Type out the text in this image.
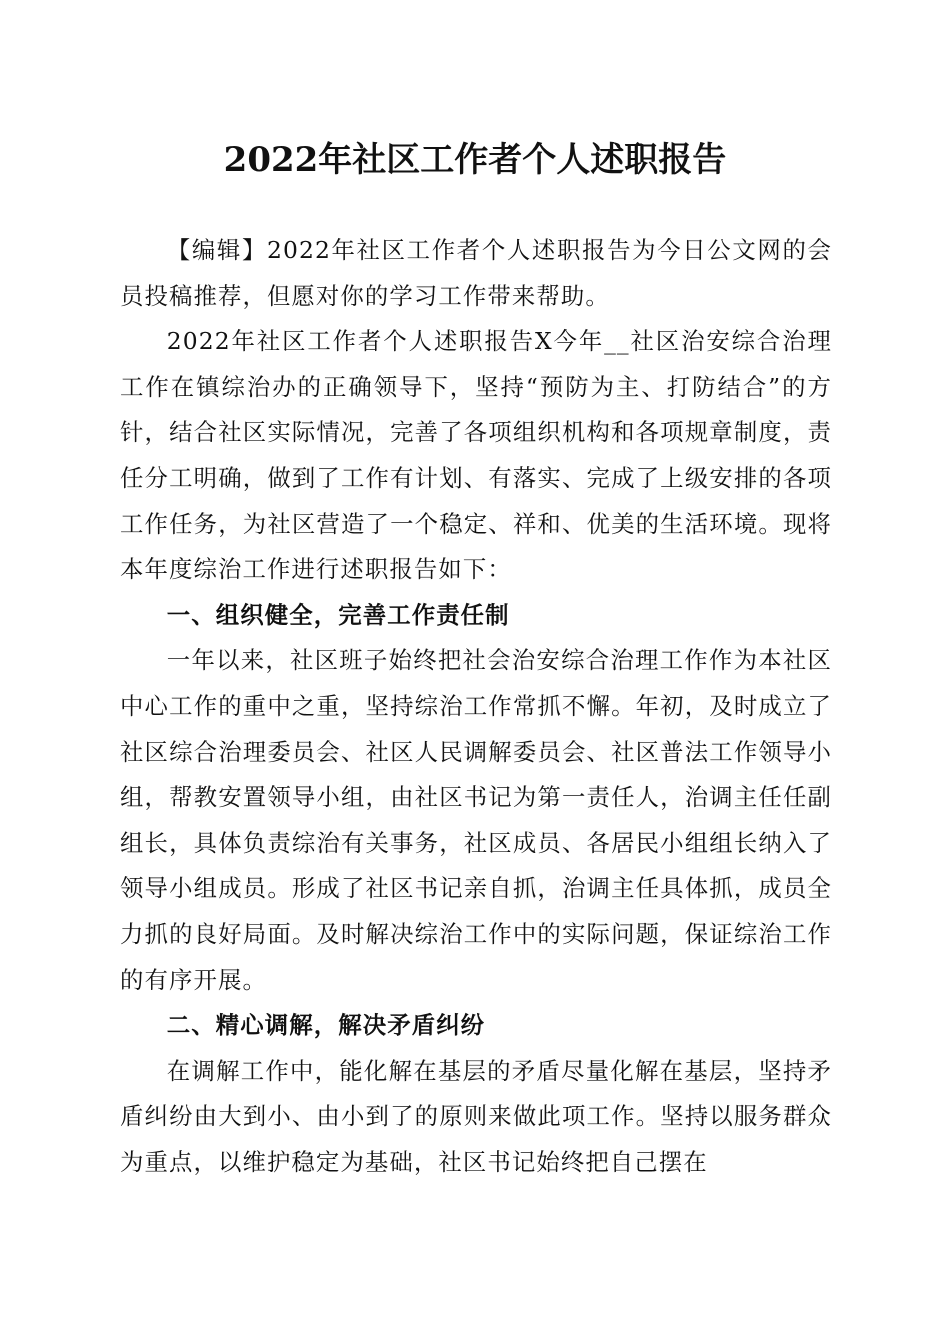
2022年社区工作者个人述职报告

【编辑】2022年社区工作者个人述职报告为今日公文网的会员投稿推荐，但愿对你的学习工作带来帮助。

2022年社区工作者个人述职报告X今年__社区治安综合治理工作在镇综治办的正确领导下，坚持“预防为主、打防结合”的方针，结合社区实际情况，完善了各项组织机构和各项规章制度，责任分工明确，做到了工作有计划、有落实、完成了上级安排的各项工作任务，为社区营造了一个稳定、祥和、优美的生活环境。现将本年度综治工作进行述职报告如下：

一、组织健全，完善工作责任制

一年以来，社区班子始终把社会治安综合治理工作作为本社区中心工作的重中之重，坚持综治工作常抓不懈。年初，及时成立了社区综合治理委员会、社区人民调解委员会、社区普法工作领导小组，帮教安置领导小组，由社区书记为第一责任人，治调主任任副组长，具体负责综治有关事务，社区成员、各居民小组组长纳入了领导小组成员。形成了社区书记亲自抓，治调主任具体抓，成员全力抓的良好局面。及时解决综治工作中的实际问题，保证综治工作的有序开展。

二、精心调解，解决矛盾纠纷

在调解工作中，能化解在基层的矛盾尽量化解在基层，坚持矛盾纠纷由大到小、由小到了的原则来做此项工作。坚持以服务群众为重点，以维护稳定为基础，社区书记始终把自己摆在
